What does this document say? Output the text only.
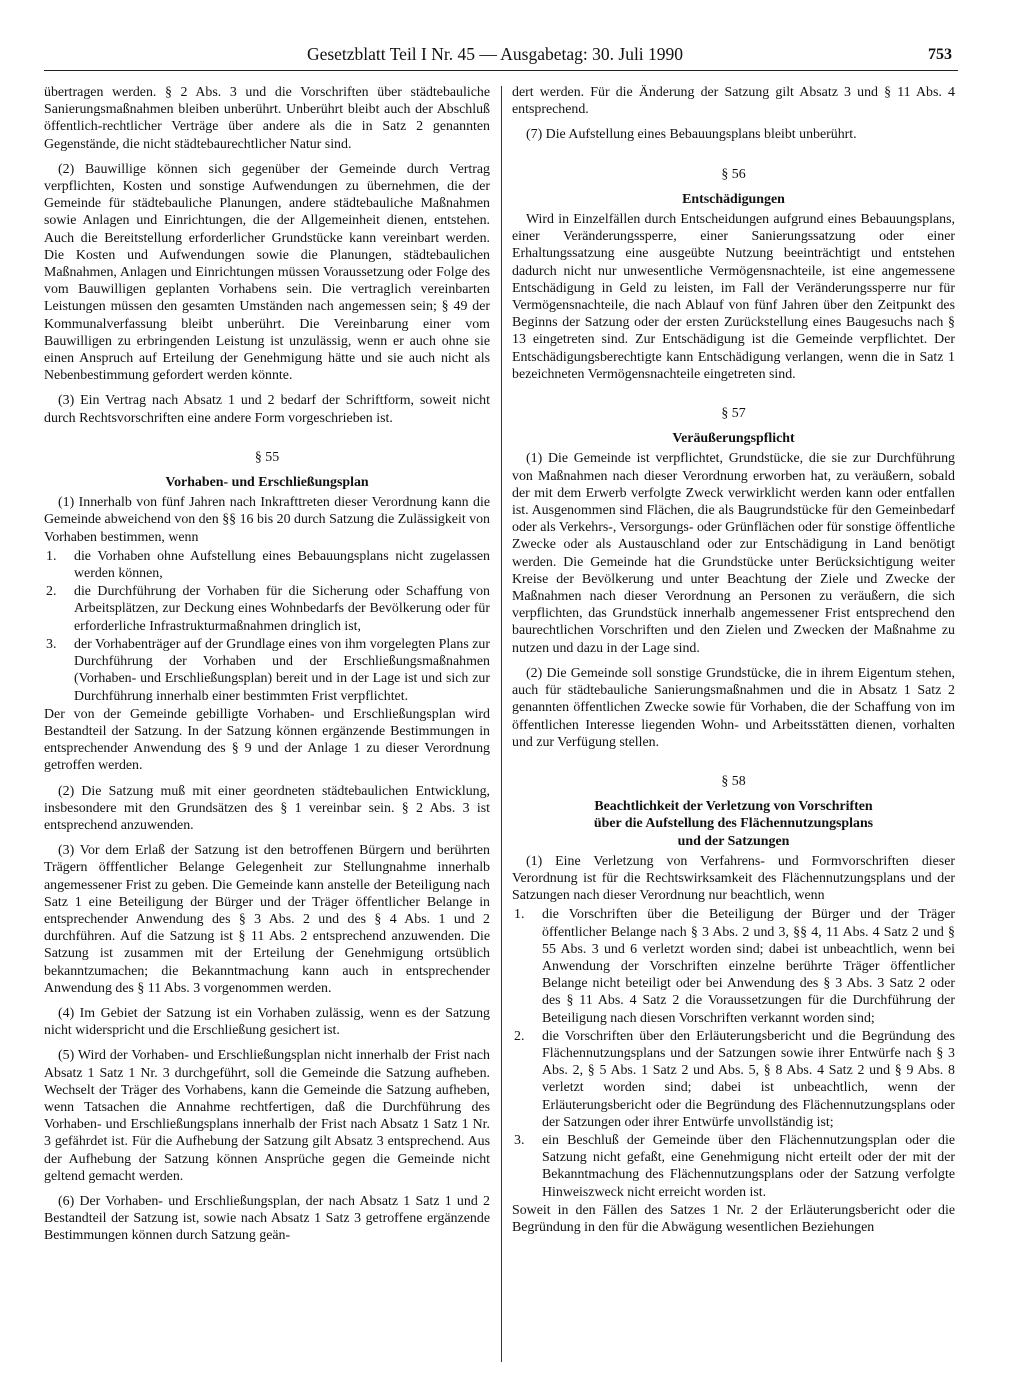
Gesetzblatt Teil I Nr. 45 — Ausgabetag: 30. Juli 1990	753

übertragen werden. § 2 Abs. 3 und die Vorschriften über städtebauliche Sanierungsmaßnahmen bleiben unberührt. Unberührt bleibt auch der Abschluß öffentlich-rechtlicher Verträge über andere als die in Satz 2 genannten Gegenstände, die nicht städtebaurechtlicher Natur sind.

(2) Bauwillige können sich gegenüber der Gemeinde durch Vertrag verpflichten, Kosten und sonstige Aufwendungen zu übernehmen, die der Gemeinde für städtebauliche Planungen, andere städtebauliche Maßnahmen sowie Anlagen und Einrichtungen, die der Allgemeinheit dienen, entstehen. Auch die Bereitstellung erforderlicher Grundstücke kann vereinbart werden. Die Kosten und Aufwendungen sowie die Planungen, städtebaulichen Maßnahmen, Anlagen und Einrichtungen müssen Voraussetzung oder Folge des vom Bauwilligen geplanten Vorhabens sein. Die vertraglich vereinbarten Leistungen müssen den gesamten Umständen nach angemessen sein; § 49 der Kommunalverfassung bleibt unberührt. Die Vereinbarung einer vom Bauwilligen zu erbringenden Leistung ist unzulässig, wenn er auch ohne sie einen Anspruch auf Erteilung der Genehmigung hätte und sie auch nicht als Nebenbestimmung gefordert werden könnte.

(3) Ein Vertrag nach Absatz 1 und 2 bedarf der Schriftform, soweit nicht durch Rechtsvorschriften eine andere Form vorgeschrieben ist.

§ 55
Vorhaben- und Erschließungsplan

(1) Innerhalb von fünf Jahren nach Inkrafttreten dieser Verordnung kann die Gemeinde abweichend von den §§ 16 bis 20 durch Satzung die Zulässigkeit von Vorhaben bestimmen, wenn

1. die Vorhaben ohne Aufstellung eines Bebauungsplans nicht zugelassen werden können,
2. die Durchführung der Vorhaben für die Sicherung oder Schaffung von Arbeitsplätzen, zur Deckung eines Wohnbedarfs der Bevölkerung oder für erforderliche Infrastrukturmaßnahmen dringlich ist,
3. der Vorhabenträger auf der Grundlage eines von ihm vorgelegten Plans zur Durchführung der Vorhaben und der Erschließungsmaßnahmen (Vorhaben- und Erschließungsplan) bereit und in der Lage ist und sich zur Durchführung innerhalb einer bestimmten Frist verpflichtet.

Der von der Gemeinde gebilligte Vorhaben- und Erschließungsplan wird Bestandteil der Satzung. In der Satzung können ergänzende Bestimmungen in entsprechender Anwendung des § 9 und der Anlage 1 zu dieser Verordnung getroffen werden.

(2) Die Satzung muß mit einer geordneten städtebaulichen Entwicklung, insbesondere mit den Grundsätzen des § 1 vereinbar sein. § 2 Abs. 3 ist entsprechend anzuwenden.

(3) Vor dem Erlaß der Satzung ist den betroffenen Bürgern und berührten Trägern öfffentlicher Belange Gelegenheit zur Stellungnahme innerhalb angemessener Frist zu geben. Die Gemeinde kann anstelle der Beteiligung nach Satz 1 eine Beteiligung der Bürger und der Träger öffentlicher Belange in entsprechender Anwendung des § 3 Abs. 2 und des § 4 Abs. 1 und 2 durchführen. Auf die Satzung ist § 11 Abs. 2 entsprechend anzuwenden. Die Satzung ist zusammen mit der Erteilung der Genehmigung ortsüblich bekanntzumachen; die Bekanntmachung kann auch in entsprechender Anwendung des § 11 Abs. 3 vorgenommen werden.

(4) Im Gebiet der Satzung ist ein Vorhaben zulässig, wenn es der Satzung nicht widerspricht und die Erschließung gesichert ist.

(5) Wird der Vorhaben- und Erschließungsplan nicht innerhalb der Frist nach Absatz 1 Satz 1 Nr. 3 durchgeführt, soll die Gemeinde die Satzung aufheben. Wechselt der Träger des Vorhabens, kann die Gemeinde die Satzung aufheben, wenn Tatsachen die Annahme rechtfertigen, daß die Durchführung des Vorhaben- und Erschließungsplans innerhalb der Frist nach Absatz 1 Satz 1 Nr. 3 gefährdet ist. Für die Aufhebung der Satzung gilt Absatz 3 entsprechend. Aus der Aufhebung der Satzung können Ansprüche gegen die Gemeinde nicht geltend gemacht werden.

(6) Der Vorhaben- und Erschließungsplan, der nach Absatz 1 Satz 1 und 2 Bestandteil der Satzung ist, sowie nach Absatz 1 Satz 3 getroffene ergänzende Bestimmungen können durch Satzung geän-

dert werden. Für die Änderung der Satzung gilt Absatz 3 und § 11 Abs. 4 entsprechend.

(7) Die Aufstellung eines Bebauungsplans bleibt unberührt.

§ 56
Entschädigungen

Wird in Einzelfällen durch Entscheidungen aufgrund eines Bebauungsplans, einer Veränderungssperre, einer Sanierungssatzung oder einer Erhaltungssatzung eine ausgeübte Nutzung beeinträchtigt und entstehen dadurch nicht nur unwesentliche Vermögensnachteile, ist eine angemessene Entschädigung in Geld zu leisten, im Fall der Veränderungssperre nur für Vermögensnachteile, die nach Ablauf von fünf Jahren über den Zeitpunkt des Beginns der Satzung oder der ersten Zurückstellung eines Baugesuchs nach § 13 eingetreten sind. Zur Entschädigung ist die Gemeinde verpflichtet. Der Entschädigungsberechtigte kann Entschädigung verlangen, wenn die in Satz 1 bezeichneten Vermögensnachteile eingetreten sind.

§ 57
Veräußerungspflicht

(1) Die Gemeinde ist verpflichtet, Grundstücke, die sie zur Durchführung von Maßnahmen nach dieser Verordnung erworben hat, zu veräußern, sobald der mit dem Erwerb verfolgte Zweck verwirklicht werden kann oder entfallen ist. Ausgenommen sind Flächen, die als Baugrundstücke für den Gemeinbedarf oder als Verkehrs-, Versorgungs- oder Grünflächen oder für sonstige öffentliche Zwecke oder als Austauschland oder zur Entschädigung in Land benötigt werden. Die Gemeinde hat die Grundstücke unter Berücksichtigung weiter Kreise der Bevölkerung und unter Beachtung der Ziele und Zwecke der Maßnahmen nach dieser Verordnung an Personen zu veräußern, die sich verpflichten, das Grundstück innerhalb angemessener Frist entsprechend den baurechtlichen Vorschriften und den Zielen und Zwecken der Maßnahme zu nutzen und dazu in der Lage sind.

(2) Die Gemeinde soll sonstige Grundstücke, die in ihrem Eigentum stehen, auch für städtebauliche Sanierungsmaßnahmen und die in Absatz 1 Satz 2 genannten öffentlichen Zwecke sowie für Vorhaben, die der Schaffung von im öffentlichen Interesse liegenden Wohn- und Arbeitsstätten dienen, vorhalten und zur Verfügung stellen.

§ 58
Beachtlichkeit der Verletzung von Vorschriften
über die Aufstellung des Flächennutzungsplans
und der Satzungen

(1) Eine Verletzung von Verfahrens- und Formvorschriften dieser Verordnung ist für die Rechtswirksamkeit des Flächennutzungsplans und der Satzungen nach dieser Verordnung nur beachtlich, wenn

1. die Vorschriften über die Beteiligung der Bürger und der Träger öffentlicher Belange nach § 3 Abs. 2 und 3, §§ 4, 11 Abs. 4 Satz 2 und § 55 Abs. 3 und 6 verletzt worden sind; dabei ist unbeachtlich, wenn bei Anwendung der Vorschriften einzelne berührte Träger öffentlicher Belange nicht beteiligt oder bei Anwendung des § 3 Abs. 3 Satz 2 oder des § 11 Abs. 4 Satz 2 die Voraussetzungen für die Durchführung der Beteiligung nach diesen Vorschriften verkannt worden sind;
2. die Vorschriften über den Erläuterungsbericht und die Begründung des Flächennutzungsplans und der Satzungen sowie ihrer Entwürfe nach § 3 Abs. 2, § 5 Abs. 1 Satz 2 und Abs. 5, § 8 Abs. 4 Satz 2 und § 9 Abs. 8 verletzt worden sind; dabei ist unbeachtlich, wenn der Erläuterungsbericht oder die Begründung des Flächennutzungsplans oder der Satzungen oder ihrer Entwürfe unvollständig ist;
3. ein Beschluß der Gemeinde über den Flächennutzungsplan oder die Satzung nicht gefaßt, eine Genehmigung nicht erteilt oder der mit der Bekanntmachung des Flächennutzungsplans oder der Satzung verfolgte Hinweiszweck nicht erreicht worden ist.

Soweit in den Fällen des Satzes 1 Nr. 2 der Erläuterungsbericht oder die Begründung in den für die Abwägung wesentlichen Beziehungen
